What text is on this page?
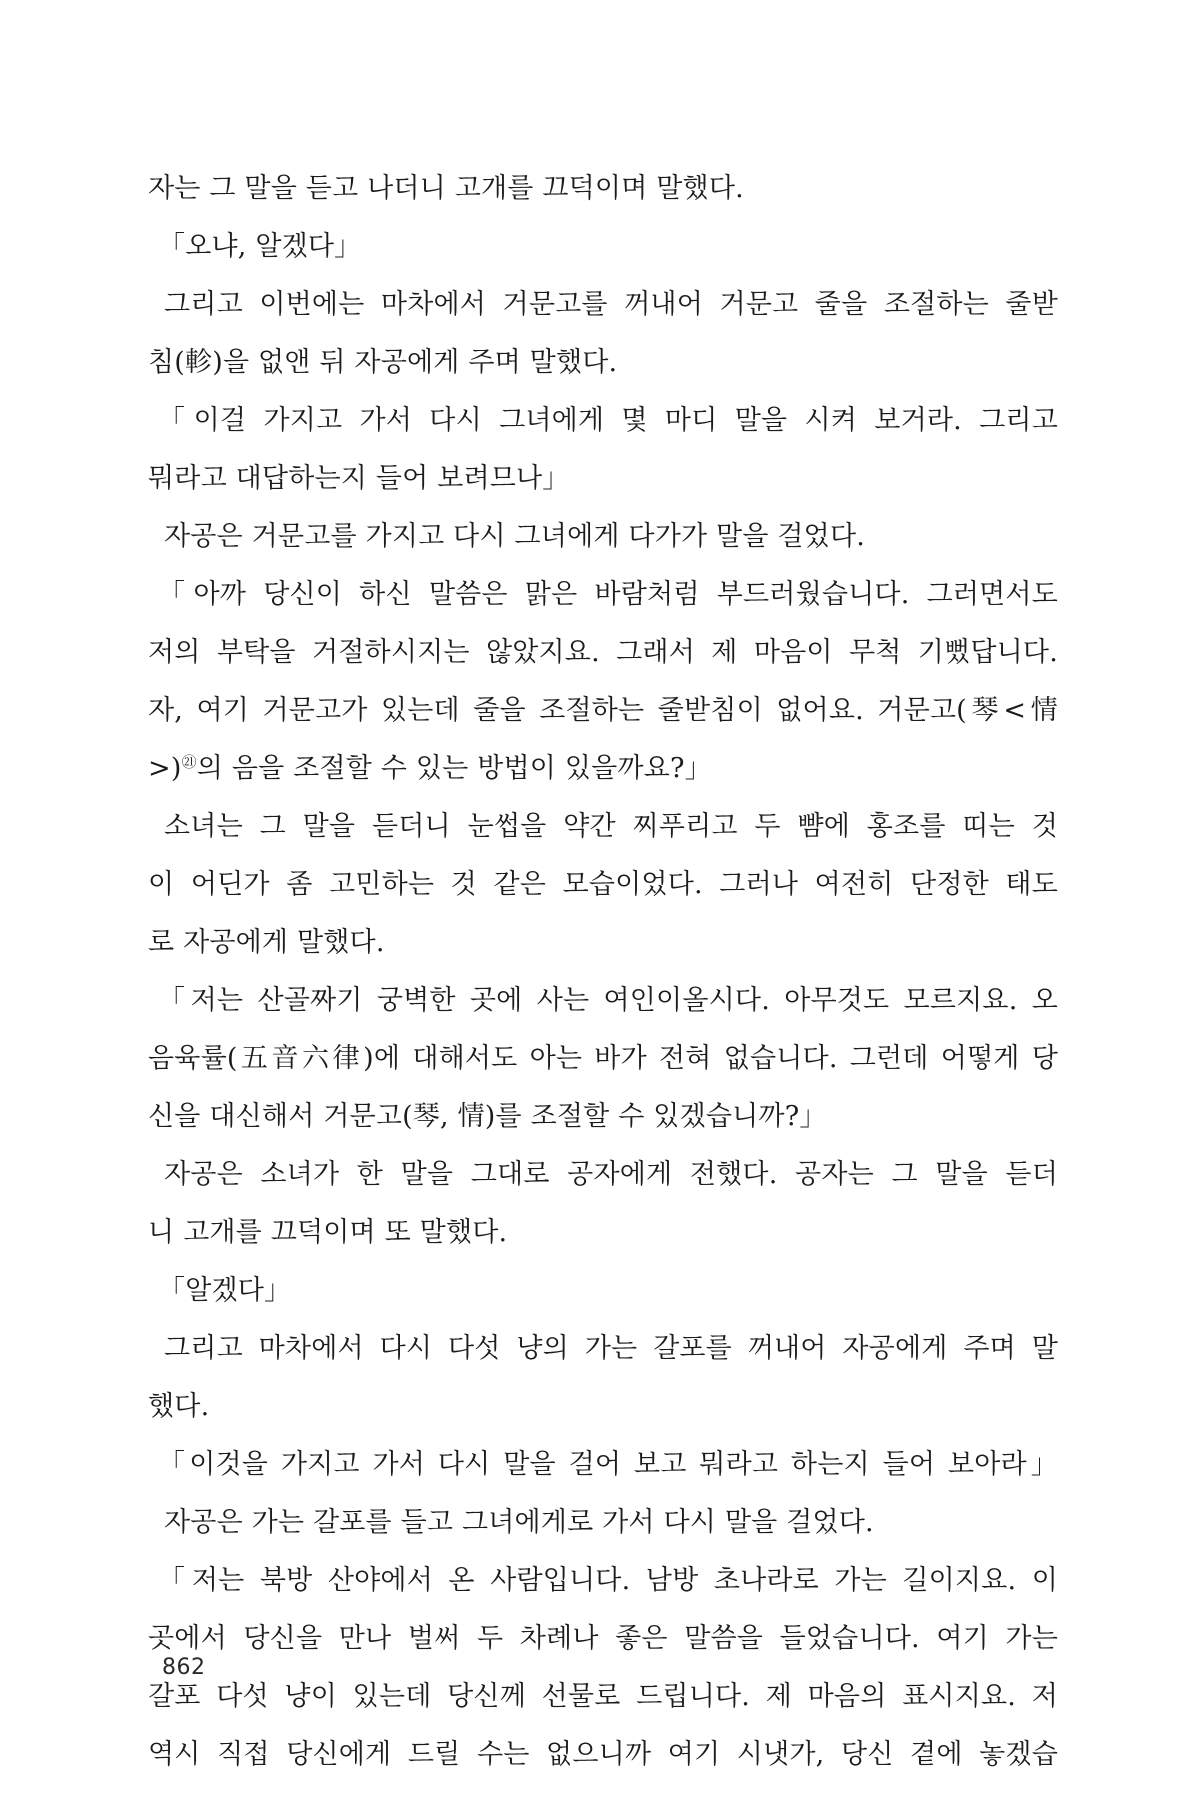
자는 그 말을 듣고 나더니 고개를 끄덕이며 말했다.
「오냐, 알겠다」
그리고 이번에는 마차에서 거문고를 꺼내어 거문고 줄을 조절하는 줄받
침(軫)을 없앤 뒤 자공에게 주며 말했다.
「이걸 가지고 가서 다시 그녀에게 몇 마디 말을 시켜 보거라. 그리고
뭐라고 대답하는지 들어 보려므나」
자공은 거문고를 가지고 다시 그녀에게 다가가 말을 걸었다.
「아까 당신이 하신 말씀은 맑은 바람처럼 부드러웠습니다. 그러면서도
저의 부탁을 거절하시지는 않았지요. 그래서 제 마음이 무척 기뻤답니다.
자, 여기 거문고가 있는데 줄을 조절하는 줄받침이 없어요. 거문고(琴<情
>)$^㉑$의 음을 조절할 수 있는 방법이 있을까요?」
소녀는 그 말을 듣더니 눈썹을 약간 찌푸리고 두 뺨에 홍조를 띠는 것
이 어딘가 좀 고민하는 것 같은 모습이었다. 그러나 여전히 단정한 태도
로 자공에게 말했다.
「저는 산골짜기 궁벽한 곳에 사는 여인이올시다. 아무것도 모르지요. 오
음육률(五音六律)에 대해서도 아는 바가 전혀 없습니다. 그런데 어떻게 당
신을 대신해서 거문고(琴, 情)를 조절할 수 있겠습니까?」
자공은 소녀가 한 말을 그대로 공자에게 전했다. 공자는 그 말을 듣더
니 고개를 끄덕이며 또 말했다.
「알겠다」
그리고 마차에서 다시 다섯 냥의 가는 갈포를 꺼내어 자공에게 주며 말
했다.
「이것을 가지고 가서 다시 말을 걸어 보고 뭐라고 하는지 들어 보아라」
자공은 가는 갈포를 들고 그녀에게로 가서 다시 말을 걸었다.
「저는 북방 산야에서 온 사람입니다. 남방 초나라로 가는 길이지요. 이
곳에서 당신을 만나 벌써 두 차례나 좋은 말씀을 들었습니다. 여기 가는
갈포 다섯 냥이 있는데 당신께 선물로 드립니다. 제 마음의 표시지요. 저
역시 직접 당신에게 드릴 수는 없으니까 여기 시냇가, 당신 곁에 놓겠습
862
